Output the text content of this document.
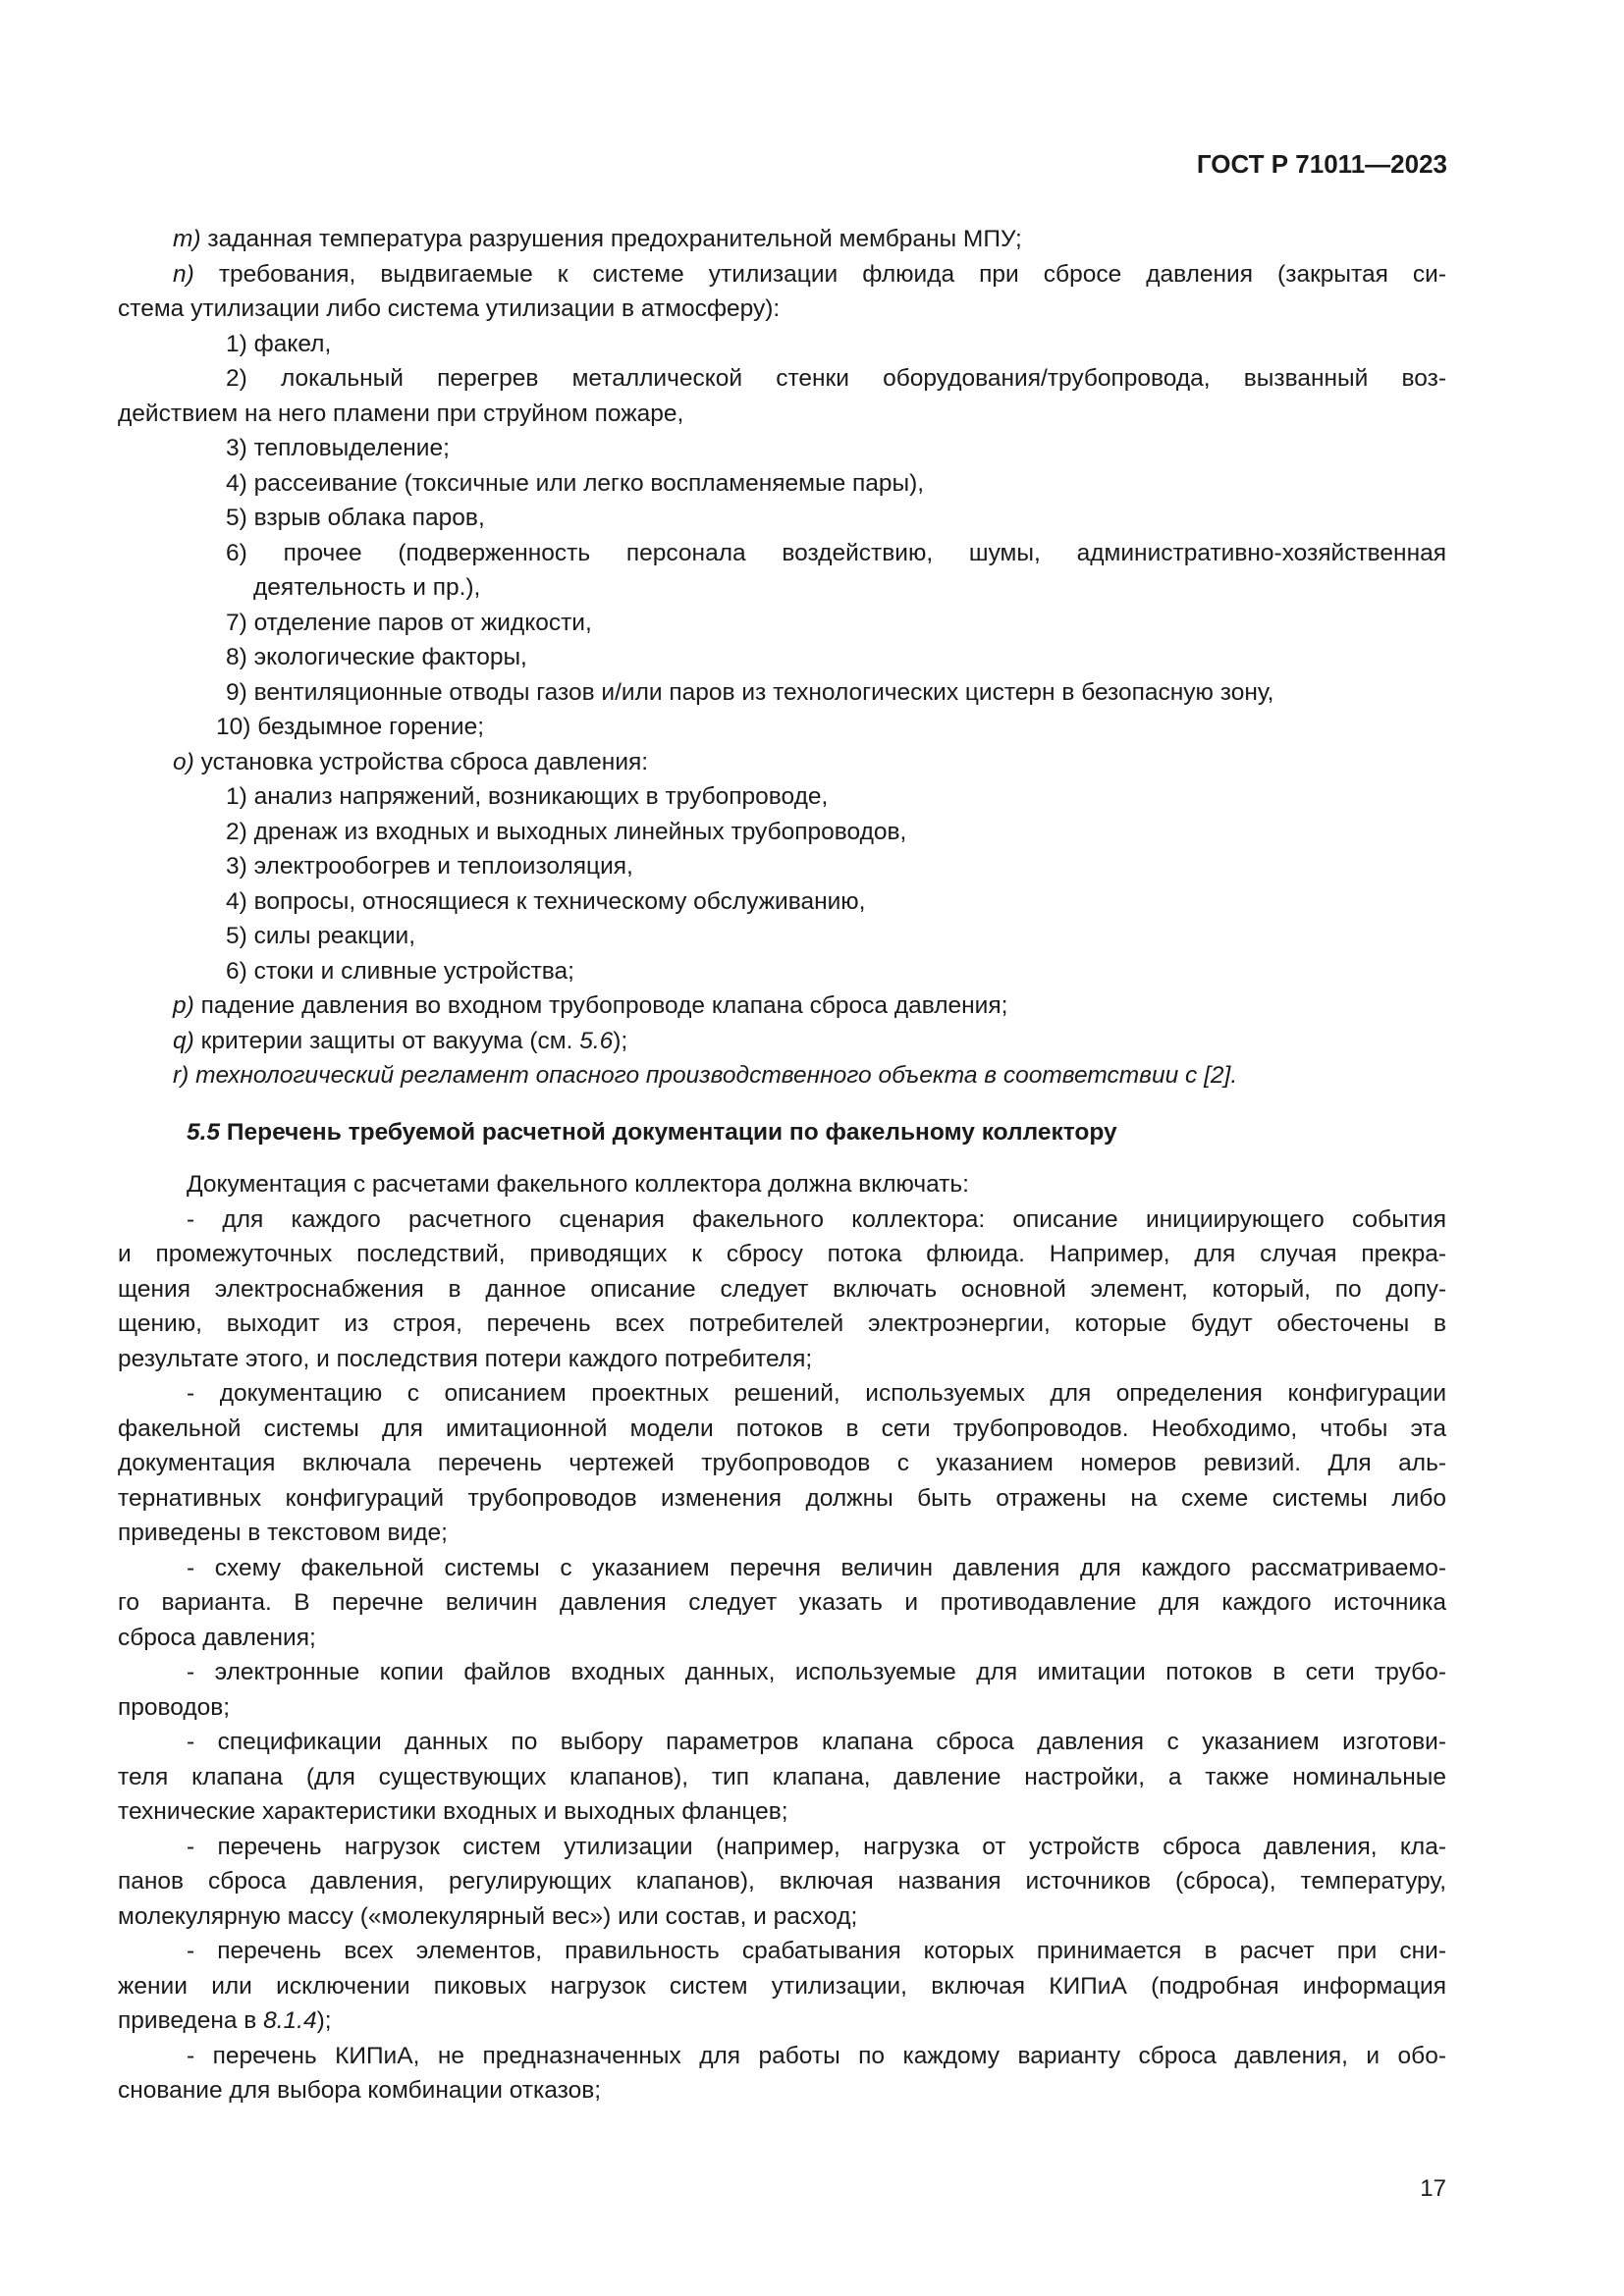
ГОСТ Р 71011—2023
m) заданная температура разрушения предохранительной мембраны МПУ;
n) требования, выдвигаемые к системе утилизации флюида при сбросе давления (закрытая си-
стема утилизации либо система утилизации в атмосферу):
1) факел,
2) локальный перегрев металлической стенки оборудования/трубопровода, вызванный воз-
действием на него пламени при струйном пожаре,
3) тепловыделение;
4) рассеивание (токсичные или легко воспламеняемые пары),
5) взрыв облака паров,
6) прочее (подверженность персонала воздействию, шумы, административно-хозяйственная
деятельность и пр.),
7) отделение паров от жидкости,
8) экологические факторы,
9) вентиляционные отводы газов и/или паров из технологических цистерн в безопасную зону,
10) бездымное горение;
o) установка устройства сброса давления:
1) анализ напряжений, возникающих в трубопроводе,
2) дренаж из входных и выходных линейных трубопроводов,
3) электрообогрев и теплоизоляция,
4) вопросы, относящиеся к техническому обслуживанию,
5) силы реакции,
6) стоки и сливные устройства;
p) падение давления во входном трубопроводе клапана сброса давления;
q) критерии защиты от вакуума (см. 5.6);
r) технологический регламент опасного производственного объекта в соответствии с [2].
5.5 Перечень требуемой расчетной документации по факельному коллектору
Документация с расчетами факельного коллектора должна включать:
- для каждого расчетного сценария факельного коллектора: описание инициирующего события
и промежуточных последствий, приводящих к сбросу потока флюида. Например, для случая прекра-
щения электроснабжения в данное описание следует включать основной элемент, который, по допу-
щению, выходит из строя, перечень всех потребителей электроэнергии, которые будут обесточены в
результате этого, и последствия потери каждого потребителя;
- документацию с описанием проектных решений, используемых для определения конфигурации
факельной системы для имитационной модели потоков в сети трубопроводов. Необходимо, чтобы эта
документация включала перечень чертежей трубопроводов с указанием номеров ревизий. Для аль-
тернативных конфигураций трубопроводов изменения должны быть отражены на схеме системы либо
приведены в текстовом виде;
- схему факельной системы с указанием перечня величин давления для каждого рассматриваемо-
го варианта. В перечне величин давления следует указать и противодавление для каждого источника
сброса давления;
- электронные копии файлов входных данных, используемые для имитации потоков в сети трубо-
проводов;
- спецификации данных по выбору параметров клапана сброса давления с указанием изготови-
теля клапана (для существующих клапанов), тип клапана, давление настройки, а также номинальные
технические характеристики входных и выходных фланцев;
- перечень нагрузок систем утилизации (например, нагрузка от устройств сброса давления, кла-
панов сброса давления, регулирующих клапанов), включая названия источников (сброса), температуру,
молекулярную массу («молекулярный вес») или состав, и расход;
- перечень всех элементов, правильность срабатывания которых принимается в расчет при сни-
жении или исключении пиковых нагрузок систем утилизации, включая КИПиА (подробная информация
приведена в 8.1.4);
- перечень КИПиА, не предназначенных для работы по каждому варианту сброса давления, и обо-
снование для выбора комбинации отказов;
17
